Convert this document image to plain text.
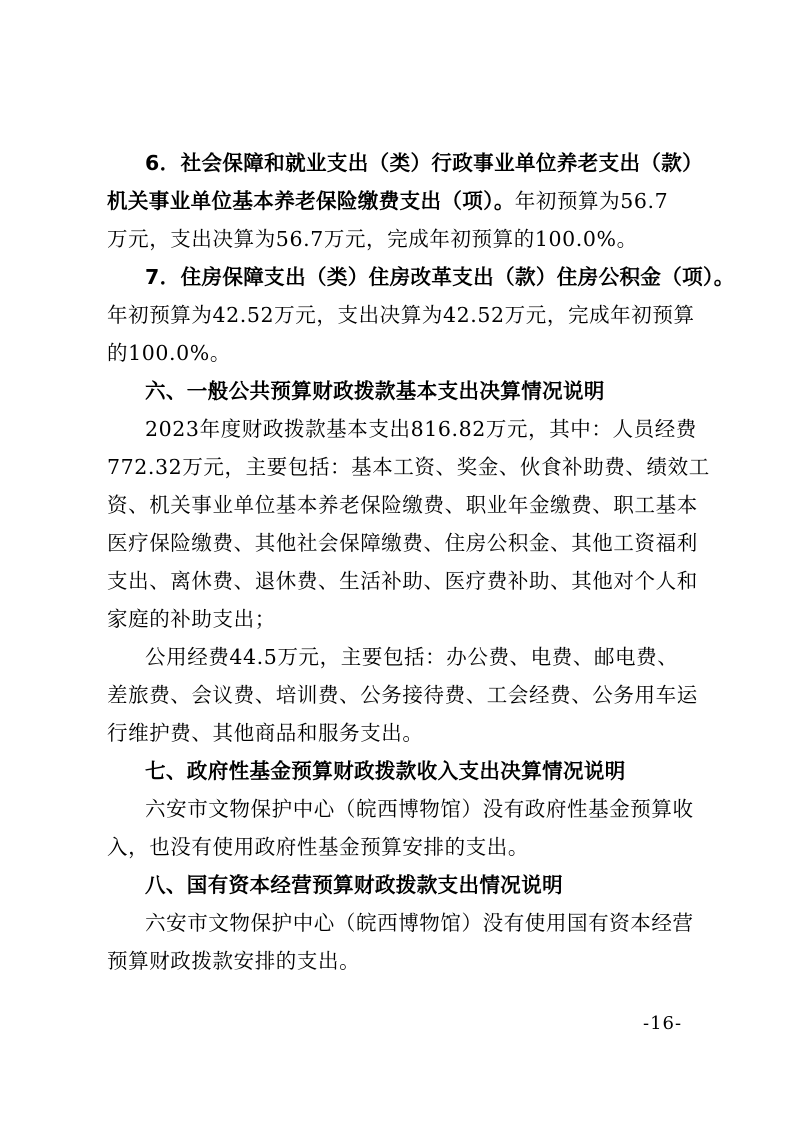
6．社会保障和就业支出（类）行政事业单位养老支出（款）
机关事业单位基本养老保险缴费支出（项）。年初预算为56.7
万元，支出决算为56.7万元，完成年初预算的100.0%。
7．住房保障支出（类）住房改革支出（款）住房公积金（项）。
年初预算为42.52万元，支出决算为42.52万元，完成年初预算
的100.0%。
六、一般公共预算财政拨款基本支出决算情况说明
2023年度财政拨款基本支出816.82万元，其中：人员经费
772.32万元，主要包括：基本工资、奖金、伙食补助费、绩效工
资、机关事业单位基本养老保险缴费、职业年金缴费、职工基本
医疗保险缴费、其他社会保障缴费、住房公积金、其他工资福利
支出、离休费、退休费、生活补助、医疗费补助、其他对个人和
家庭的补助支出；
公用经费44.5万元，主要包括：办公费、电费、邮电费、
差旅费、会议费、培训费、公务接待费、工会经费、公务用车运
行维护费、其他商品和服务支出。
七、政府性基金预算财政拨款收入支出决算情况说明
六安市文物保护中心（皖西博物馆）没有政府性基金预算收
入，也没有使用政府性基金预算安排的支出。
八、国有资本经营预算财政拨款支出情况说明
六安市文物保护中心（皖西博物馆）没有使用国有资本经营
预算财政拨款安排的支出。
-16-
